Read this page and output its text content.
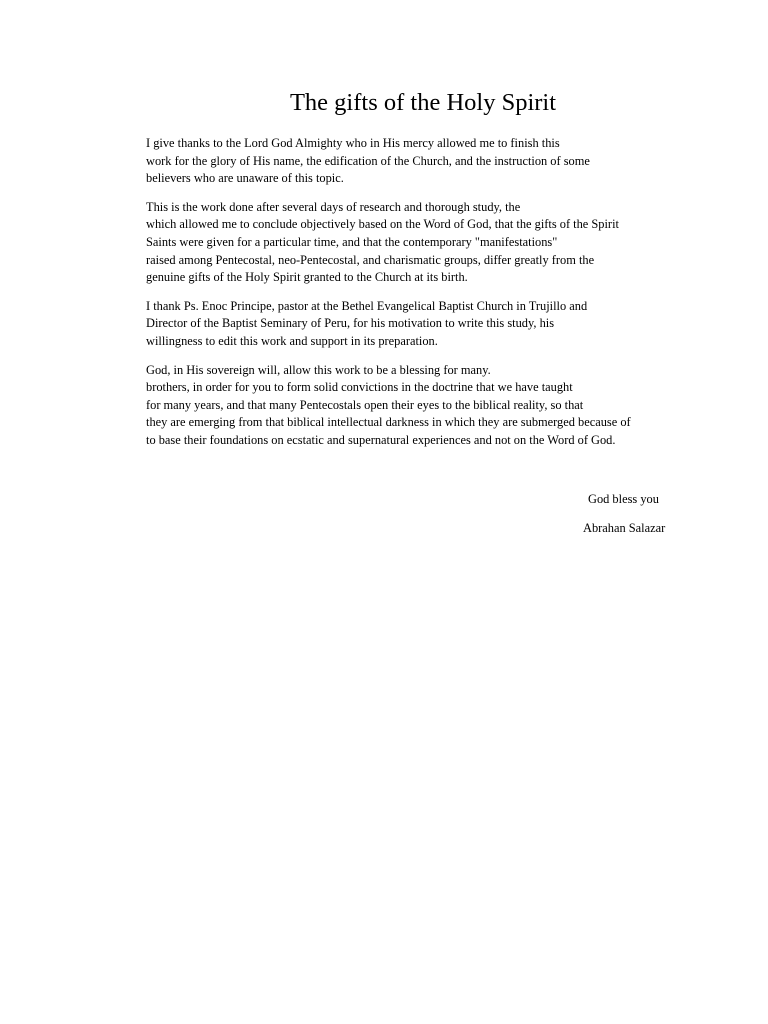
The gifts of the Holy Spirit

I give thanks to the Lord God Almighty who in His mercy allowed me to finish this
work for the glory of His name, the edification of the Church, and the instruction of some
believers who are unaware of this topic.

This is the work done after several days of research and thorough study, the
which allowed me to conclude objectively based on the Word of God, that the gifts of the Spirit
Saints were given for a particular time, and that the contemporary "manifestations"
raised among Pentecostal, neo-Pentecostal, and charismatic groups, differ greatly from the
genuine gifts of the Holy Spirit granted to the Church at its birth.

I thank Ps. Enoc Principe, pastor at the Bethel Evangelical Baptist Church in Trujillo and
Director of the Baptist Seminary of Peru, for his motivation to write this study, his
willingness to edit this work and support in its preparation.

God, in His sovereign will, allow this work to be a blessing for many.
brothers, in order for you to form solid convictions in the doctrine that we have taught
for many years, and that many Pentecostals open their eyes to the biblical reality, so that
they are emerging from that biblical intellectual darkness in which they are submerged because of
to base their foundations on ecstatic and supernatural experiences and not on the Word of God.

God bless you
Abrahan Salazar
